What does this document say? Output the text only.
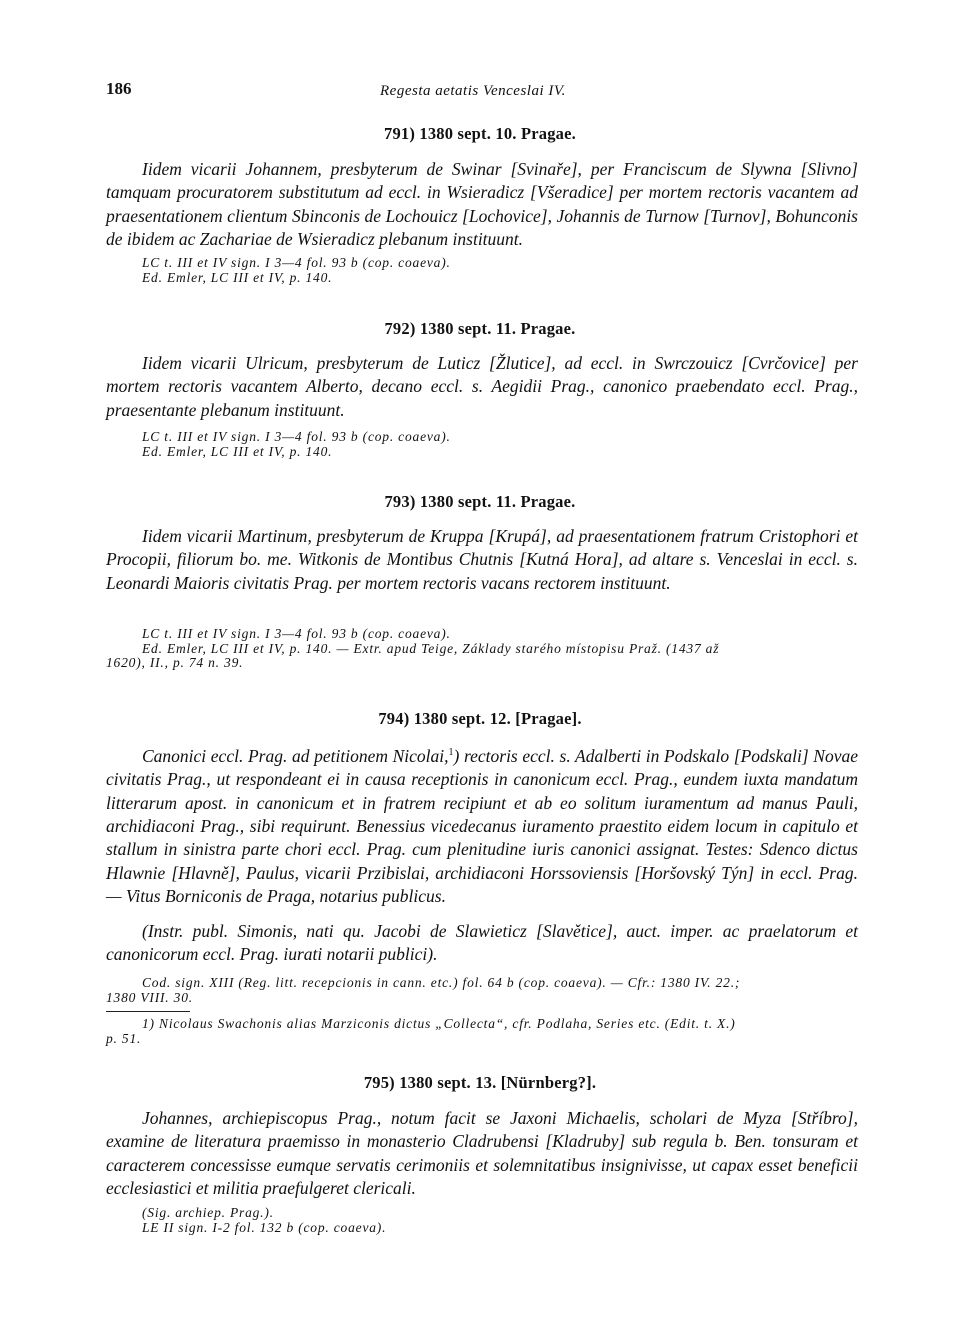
186	Regesta aetatis Venceslai IV.
791) 1380 sept. 10. Pragae.

Iidem vicarii Johannem, presbyterum de Swinar [Svinaře], per Franciscum de Slywna [Slivno] tamquam procuratorem substitutum ad eccl. in Wsieradicz [Všeradice] per mortem rectoris vacantem ad praesentationem clientum Sbinconis de Lochouicz [Lochovice], Johannis de Turnow [Turnov], Bohunconis de ibidem ac Zachariae de Wsieradicz plebanum instituunt.

LC t. III et IV sign. I 3—4 fol. 93 b (cop. coaeva).
Ed. Emler, LC III et IV, p. 140.
792) 1380 sept. 11. Pragae.

Iidem vicarii Ulricum, presbyterum de Luticz [Žlutice], ad eccl. in Swrczouicz [Cvrčovice] per mortem rectoris vacantem Alberto, decano eccl. s. Aegidii Prag., canonico praebendato eccl. Prag., praesentante plebanum instituunt.

LC t. III et IV sign. I 3—4 fol. 93 b (cop. coaeva).
Ed. Emler, LC III et IV, p. 140.
793) 1380 sept. 11. Pragae.

Iidem vicarii Martinum, presbyterum de Kruppa [Krupá], ad praesentationem fratrum Cristophori et Procopii, filiorum bo. me. Witkonis de Montibus Chutnis [Kutná Hora], ad altare s. Venceslai in eccl. s. Leonardi Maioris civitatis Prag. per mortem rectoris vacans rectorem instituunt.

LC t. III et IV sign. I 3—4 fol. 93 b (cop. coaeva).
Ed. Emler, LC III et IV, p. 140. — Extr. apud Teige, Základy starého místopisu Praž. (1437 až
1620), II., p. 74 n. 39.
794) 1380 sept. 12. [Pragae].

Canonici eccl. Prag. ad petitionem Nicolai,$^1$) rectoris eccl. s. Adalberti in Podskalo [Podskali] Novae civitatis Prag., ut respondeant ei in causa receptionis in canonicum eccl. Prag., eundem iuxta mandatum litterarum apost. in canonicum et in fratrem recipiunt et ab eo solitum iuramentum ad manus Pauli, archidiaconi Prag., sibi requirunt. Benessius vicedecanus iuramento praestito eidem locum in capitulo et stallum in sinistra parte chori eccl. Prag. cum plenitudine iuris canonici assignat. Testes: Sdenco dictus Hlawnie [Hlavně], Paulus, vicarii Przibislai, archidiaconi Horssoviensis [Horšovský Týn] in eccl. Prag. — Vitus Borniconis de Praga, notarius publicus.

(Instr. publ. Simonis, nati qu. Jacobi de Slawieticz [Slavětice], auct. imper. ac praelatorum et canonicorum eccl. Prag. iurati notarii publici).

Cod. sign. XIII (Reg. litt. recepcionis in cann. etc.) fol. 64 b (cop. coaeva). — Cfr.: 1380 IV. 22.;
1380 VIII. 30.
1) Nicolaus Swachonis alias Marziconis dictus „Collecta“, cfr. Podlaha, Series etc. (Edit. t. X.)
p. 51.
795) 1380 sept. 13. [Nürnberg?].

Johannes, archiepiscopus Prag., notum facit se Jaxoni Michaelis, scholari de Myza [Stříbro], examine de literatura praemisso in monasterio Cladrubensi [Kladruby] sub regula b. Ben. tonsuram et caracterem concessisse eumque servatis cerimoniis et solemnitatibus insignivisse, ut capax esset beneficii ecclesiastici et militia praefulgeret clericali.

(Sig. archiep. Prag.).
LE II sign. I-2 fol. 132 b (cop. coaeva).
